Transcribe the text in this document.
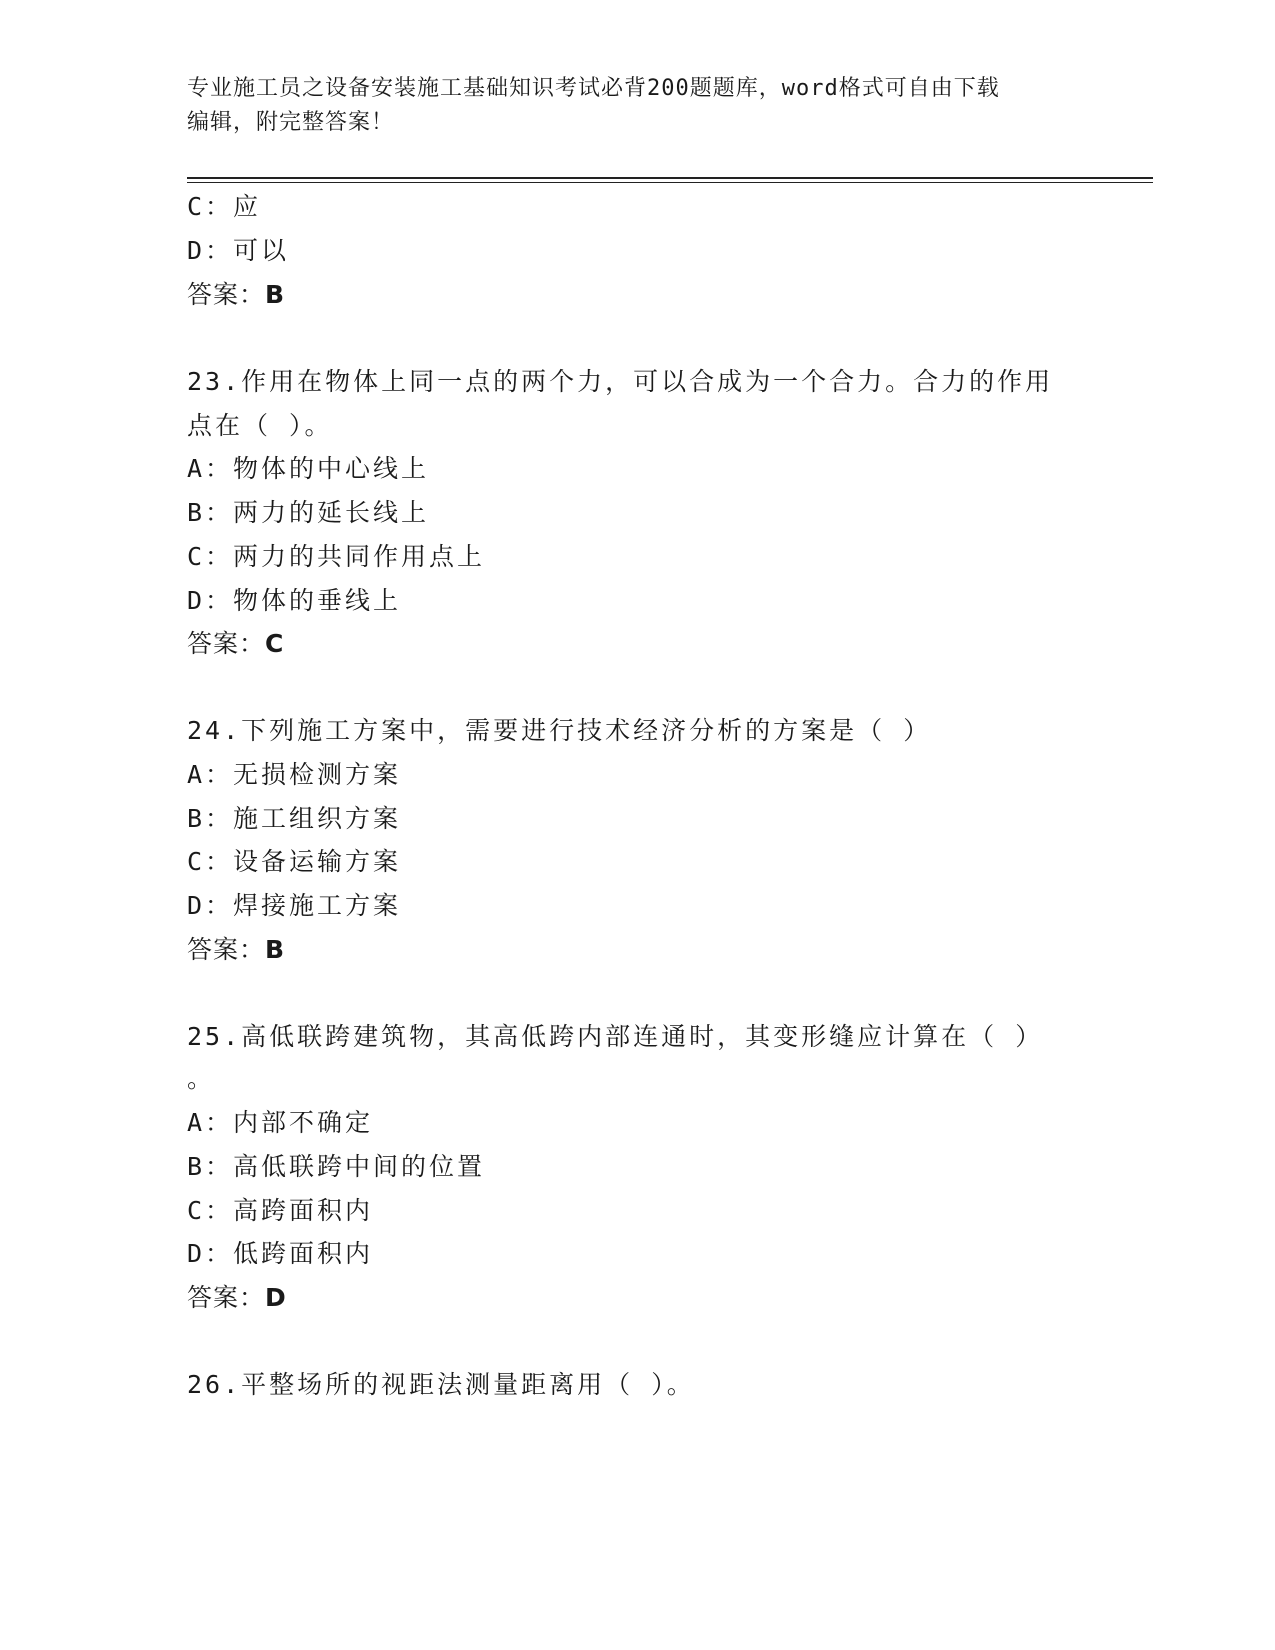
专业施工员之设备安装施工基础知识考试必背200题题库，word格式可自由下载
编辑，附完整答案！
C：应
D：可以
答案：B
23.作用在物体上同一点的两个力，可以合成为一个合力。合力的作用
点在（ ）。
A：物体的中心线上
B：两力的延长线上
C：两力的共同作用点上
D：物体的垂线上
答案：C
24.下列施工方案中，需要进行技术经济分析的方案是（ ）
A：无损检测方案
B：施工组织方案
C：设备运输方案
D：焊接施工方案
答案：B
25.高低联跨建筑物，其高低跨内部连通时，其变形缝应计算在（ ）
。
A：内部不确定
B：高低联跨中间的位置
C：高跨面积内
D：低跨面积内
答案：D
26.平整场所的视距法测量距离用（ ）。
